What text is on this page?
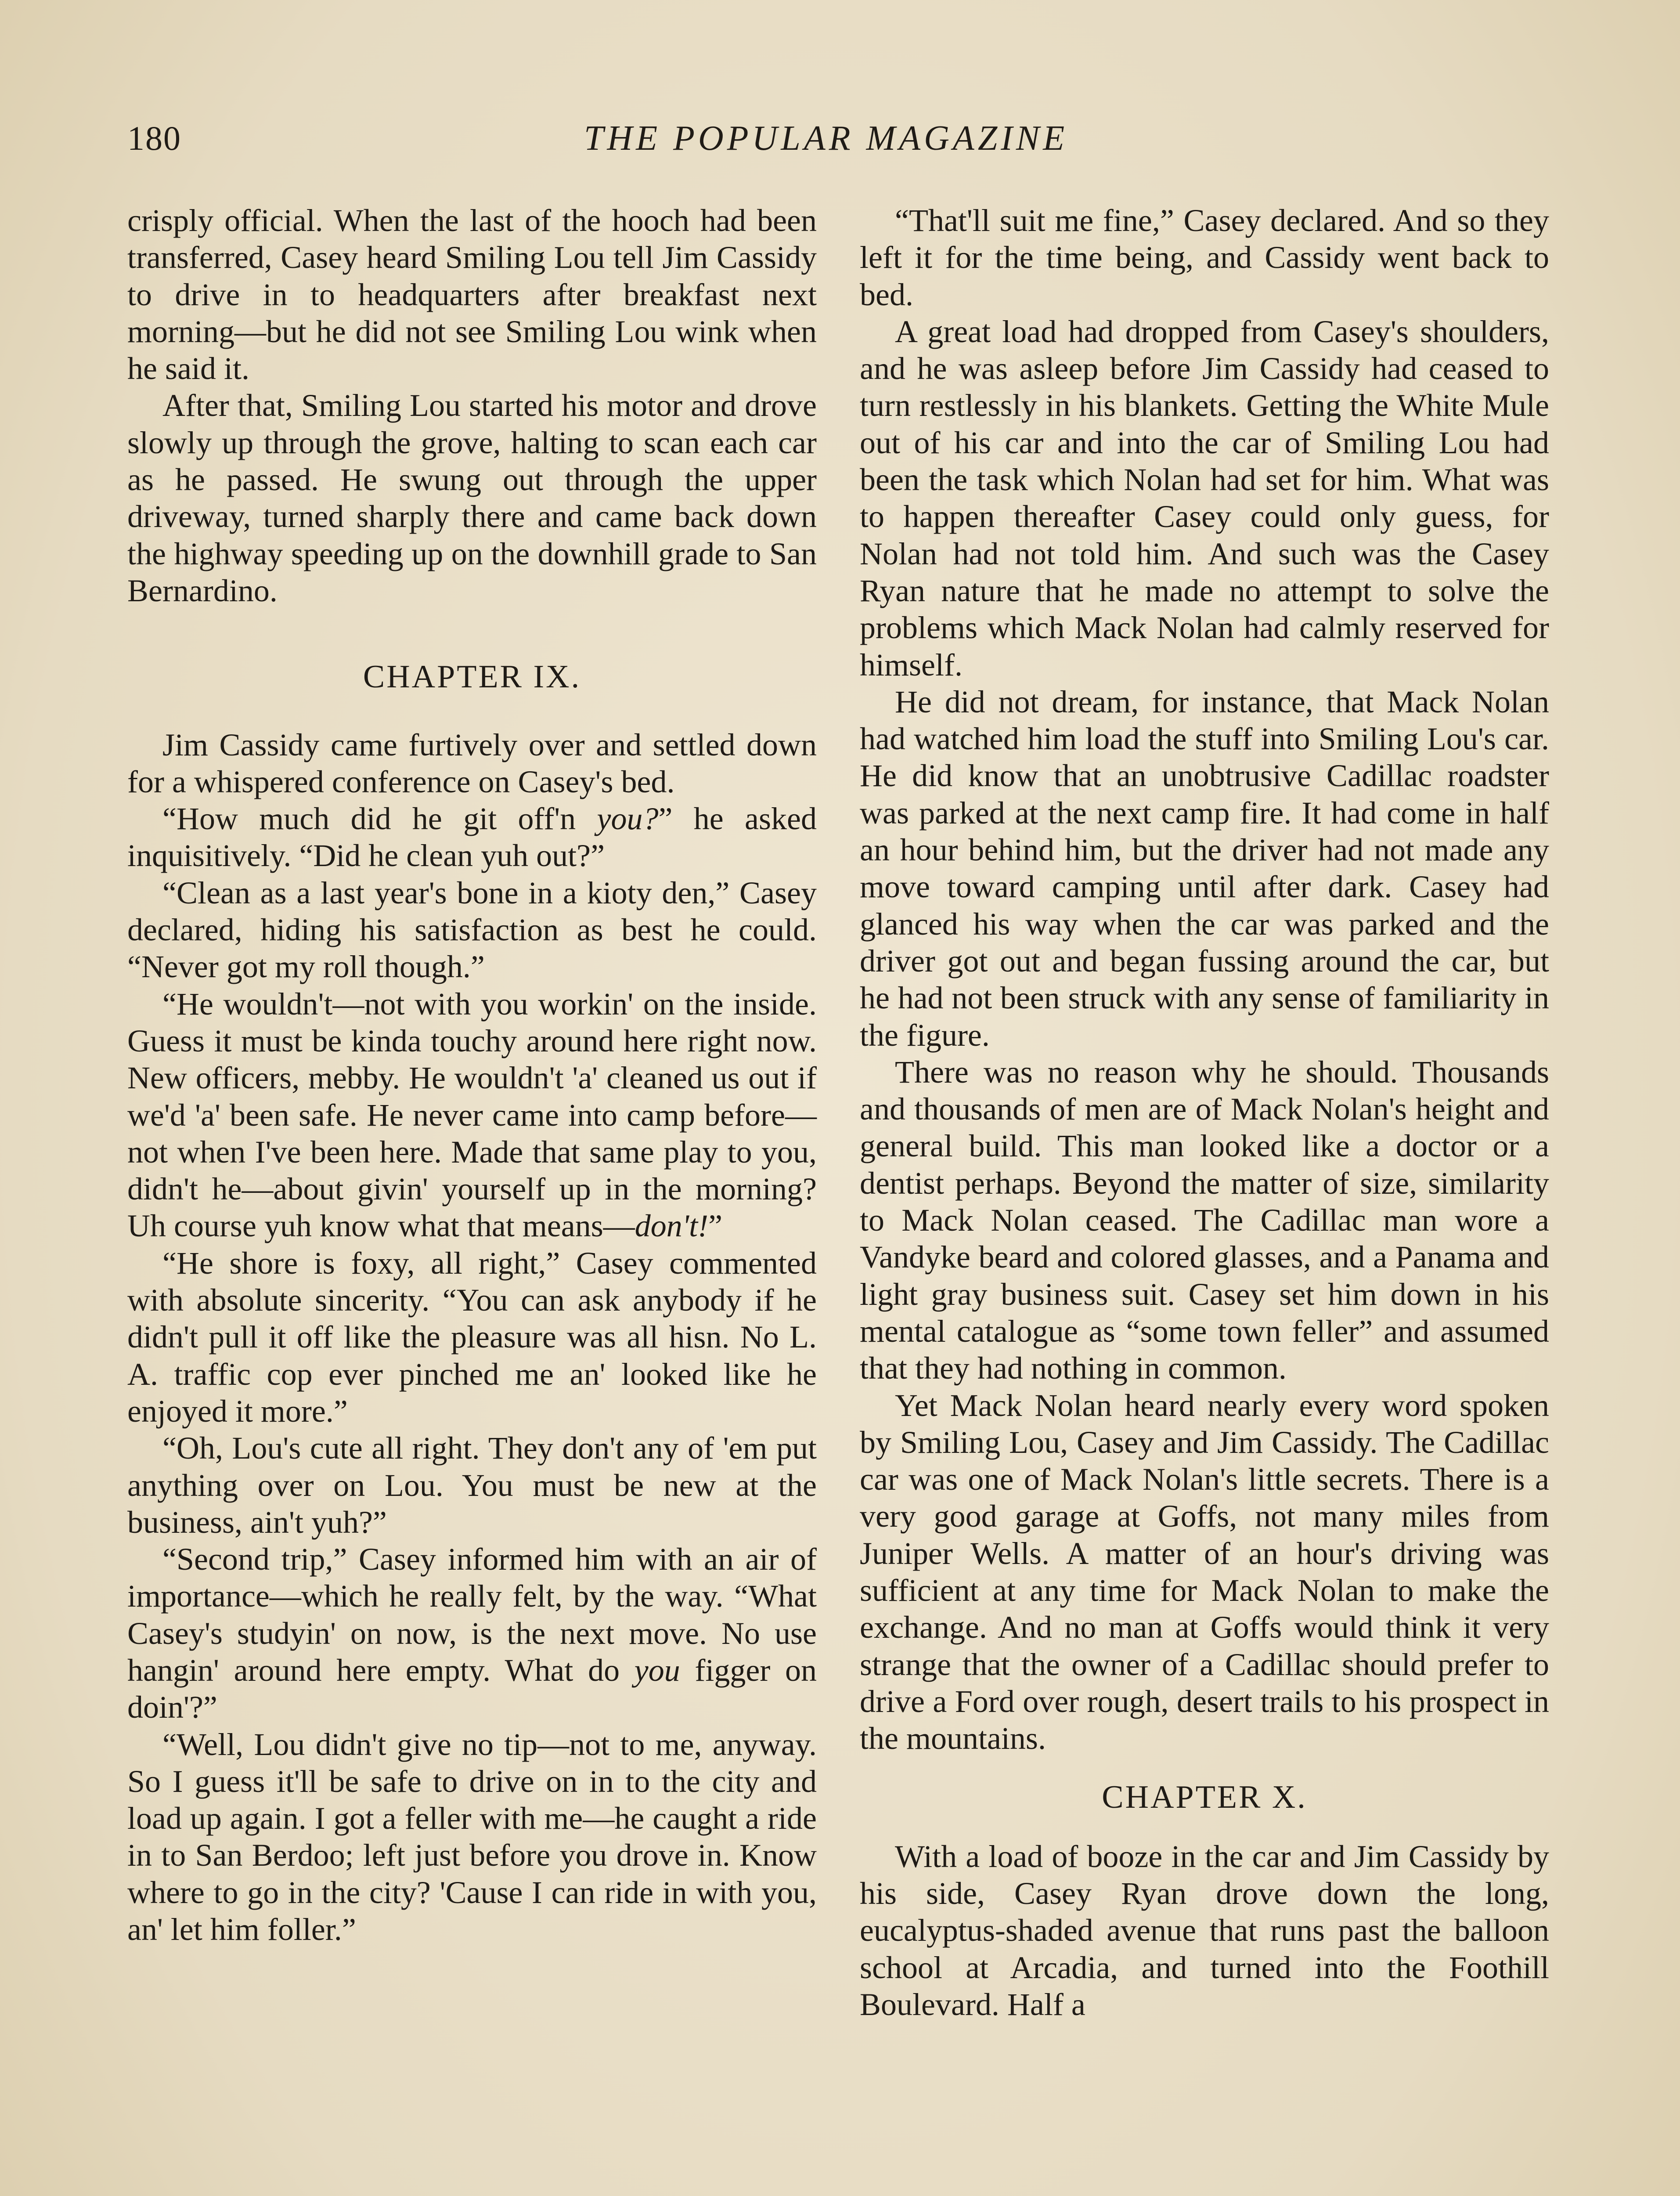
180	THE POPULAR MAGAZINE

crisply official. When the last of the hooch had been transferred, Casey heard Smiling Lou tell Jim Cassidy to drive in to headquarters after breakfast next morning—but he did not see Smiling Lou wink when he said it.

After that, Smiling Lou started his motor and drove slowly up through the grove, halting to scan each car as he passed. He swung out through the upper driveway, turned sharply there and came back down the highway speeding up on the downhill grade to San Bernardino.

CHAPTER IX.

Jim Cassidy came furtively over and settled down for a whispered conference on Casey's bed.

“How much did he git off'n you?” he asked inquisitively. “Did he clean yuh out?”

“Clean as a last year's bone in a kioty den,” Casey declared, hiding his satisfaction as best he could. “Never got my roll though.”

“He wouldn't—not with you workin' on the inside. Guess it must be kinda touchy around here right now. New officers, mebby. He wouldn't 'a' cleaned us out if we'd 'a' been safe. He never came into camp before—not when I've been here. Made that same play to you, didn't he—about givin' yourself up in the morning? Uh course yuh know what that means—don't!”

“He shore is foxy, all right,” Casey commented with absolute sincerity. “You can ask anybody if he didn't pull it off like the pleasure was all hisn. No L. A. traffic cop ever pinched me an' looked like he enjoyed it more.”

“Oh, Lou's cute all right. They don't any of 'em put anything over on Lou. You must be new at the business, ain't yuh?”

“Second trip,” Casey informed him with an air of importance—which he really felt, by the way. “What Casey's studyin' on now, is the next move. No use hangin' around here empty. What do you figger on doin'?”

“Well, Lou didn't give no tip—not to me, anyway. So I guess it'll be safe to drive on in to the city and load up again. I got a feller with me—he caught a ride in to San Berdoo; left just before you drove in. Know where to go in the city? 'Cause I can ride in with you, an' let him foller.”

“That'll suit me fine,” Casey declared. And so they left it for the time being, and Cassidy went back to bed.

A great load had dropped from Casey's shoulders, and he was asleep before Jim Cassidy had ceased to turn restlessly in his blankets. Getting the White Mule out of his car and into the car of Smiling Lou had been the task which Nolan had set for him. What was to happen thereafter Casey could only guess, for Nolan had not told him. And such was the Casey Ryan nature that he made no attempt to solve the problems which Mack Nolan had calmly reserved for himself.

He did not dream, for instance, that Mack Nolan had watched him load the stuff into Smiling Lou's car. He did know that an unobtrusive Cadillac roadster was parked at the next camp fire. It had come in half an hour behind him, but the driver had not made any move toward camping until after dark. Casey had glanced his way when the car was parked and the driver got out and began fussing around the car, but he had not been struck with any sense of familiarity in the figure.

There was no reason why he should. Thousands and thousands of men are of Mack Nolan's height and general build. This man looked like a doctor or a dentist perhaps. Beyond the matter of size, similarity to Mack Nolan ceased. The Cadillac man wore a Vandyke beard and colored glasses, and a Panama and light gray business suit. Casey set him down in his mental catalogue as “some town feller” and assumed that they had nothing in common.

Yet Mack Nolan heard nearly every word spoken by Smiling Lou, Casey and Jim Cassidy. The Cadillac car was one of Mack Nolan's little secrets. There is a very good garage at Goffs, not many miles from Juniper Wells. A matter of an hour's driving was sufficient at any time for Mack Nolan to make the exchange. And no man at Goffs would think it very strange that the owner of a Cadillac should prefer to drive a Ford over rough, desert trails to his prospect in the mountains.

CHAPTER X.

With a load of booze in the car and Jim Cassidy by his side, Casey Ryan drove down the long, eucalyptus-shaded avenue that runs past the balloon school at Arcadia, and turned into the Foothill Boulevard. Half a
